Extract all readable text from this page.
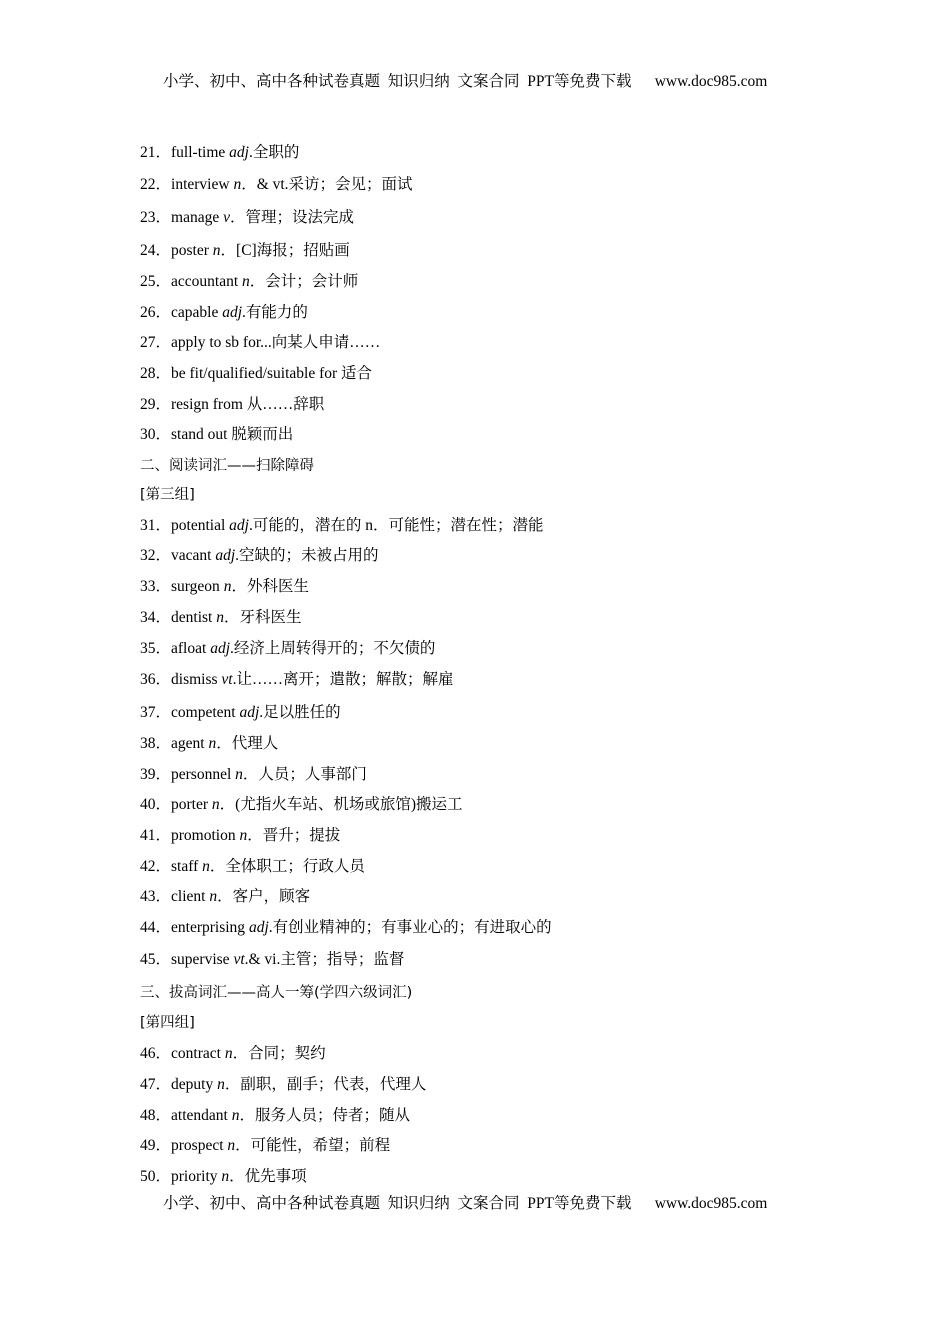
小学、初中、高中各种试卷真题  知识归纳  文案合同  PPT等免费下载      www.doc985.com
21．full-time adj.全职的
22．interview n．& vt.采访；会见；面试
23．manage v．管理；设法完成
24．poster n．[C]海报；招贴画
25．accountant n．会计；会计师
26．capable adj.有能力的
27．apply to sb for...向某人申请……
28．be fit/qualified/suitable for 适合
29．resign from 从……辞职
30．stand out 脱颖而出
二、阅读词汇——扫除障碍
[第三组]
31．potential adj.可能的，潜在的 n．可能性；潜在性；潜能
32．vacant adj.空缺的；未被占用的
33．surgeon n．外科医生
34．dentist n．牙科医生
35．afloat adj.经济上周转得开的；不欠债的
36．dismiss vt.让……离开；遣散；解散；解雇
37．competent adj.足以胜任的
38．agent n．代理人
39．personnel n．人员；人事部门
40．porter n．(尤指火车站、机场或旅馆)搬运工
41．promotion n．晋升；提拔
42．staff n．全体职工；行政人员
43．client n．客户，顾客
44．enterprising adj.有创业精神的；有事业心的；有进取心的
45．supervise vt.& vi.主管；指导；监督
三、拔高词汇——高人一筹(学四六级词汇)
[第四组]
46．contract n．合同；契约
47．deputy n．副职，副手；代表，代理人
48．attendant n．服务人员；侍者；随从
49．prospect n．可能性，希望；前程
50．priority n．优先事项
小学、初中、高中各种试卷真题  知识归纳  文案合同  PPT等免费下载      www.doc985.com
